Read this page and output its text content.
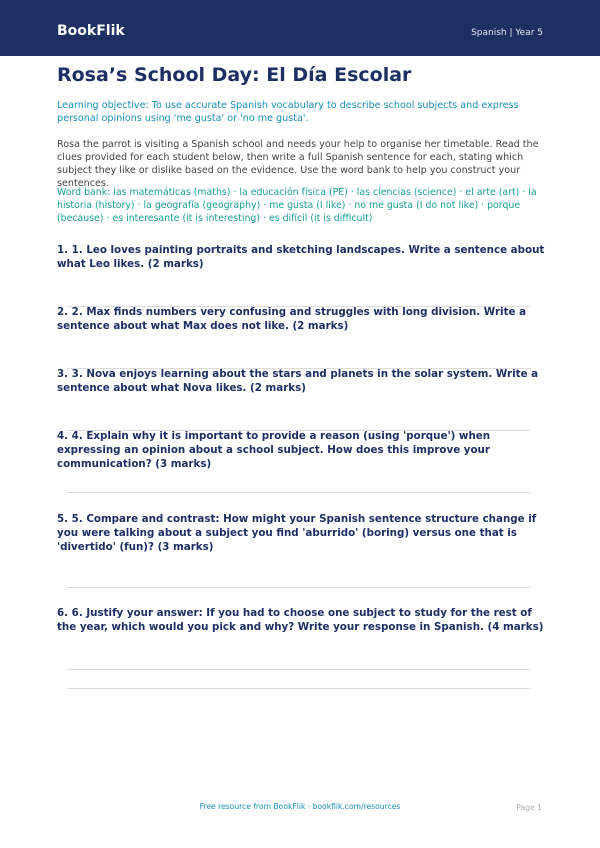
BookFlik	Spanish | Year 5
Rosa’s School Day: El Día Escolar
Learning objective: To use accurate Spanish vocabulary to describe school subjects and express personal opinions using 'me gusta' or 'no me gusta'.
Rosa the parrot is visiting a Spanish school and needs your help to organise her timetable. Read the clues provided for each student below, then write a full Spanish sentence for each, stating which subject they like or dislike based on the evidence. Use the word bank to help you construct your sentences.
Word bank: las matemáticas (maths) · la educación física (PE) · las ciencias (science) · el arte (art) · la historia (history) · la geografía (geography) · me gusta (I like) · no me gusta (I do not like) · porque (because) · es interesante (it is interesting) · es difícil (it is difficult)
1. 1. Leo loves painting portraits and sketching landscapes. Write a sentence about what Leo likes. (2 marks)
2. 2. Max finds numbers very confusing and struggles with long division. Write a sentence about what Max does not like. (2 marks)
3. 3. Nova enjoys learning about the stars and planets in the solar system. Write a sentence about what Nova likes. (2 marks)
4. 4. Explain why it is important to provide a reason (using 'porque') when expressing an opinion about a school subject. How does this improve your communication? (3 marks)
5. 5. Compare and contrast: How might your Spanish sentence structure change if you were talking about a subject you find 'aburrido' (boring) versus one that is 'divertido' (fun)? (3 marks)
6. 6. Justify your answer: If you had to choose one subject to study for the rest of the year, which would you pick and why? Write your response in Spanish. (4 marks)
Free resource from BookFlik · bookflik.com/resources	Page 1
